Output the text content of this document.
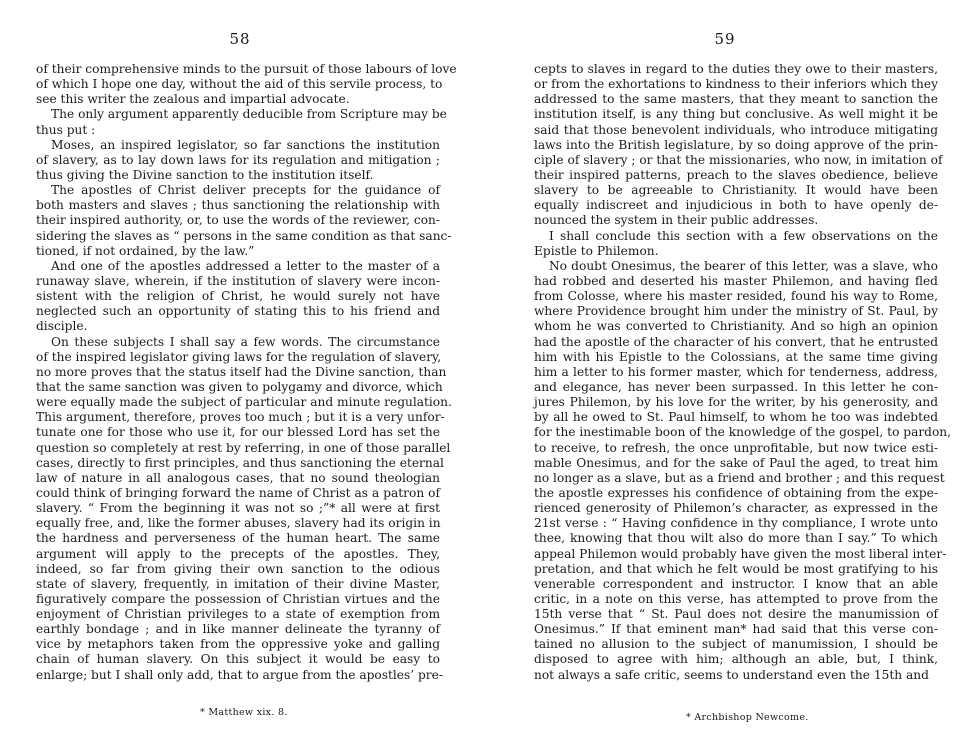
58
of their comprehensive minds to the pursuit of those labours of love
of which I hope one day, without the aid of this servile process, to
see this writer the zealous and impartial advocate.
The only argument apparently deducible from Scripture may be
thus put :
Moses, an inspired legislator, so far sanctions the institution
of slavery, as to lay down laws for its regulation and mitigation ;
thus giving the Divine sanction to the institution itself.
The apostles of Christ deliver precepts for the guidance of
both masters and slaves ; thus sanctioning the relationship with
their inspired authority, or, to use the words of the reviewer, con-
sidering the slaves as “ persons in the same condition as that sanc-
tioned, if not ordained, by the law.”
And one of the apostles addressed a letter to the master of a
runaway slave, wherein, if the institution of slavery were incon-
sistent with the religion of Christ, he would surely not have
neglected such an opportunity of stating this to his friend and
disciple.
On these subjects I shall say a few words. The circumstance
of the inspired legislator giving laws for the regulation of slavery,
no more proves that the status itself had the Divine sanction, than
that the same sanction was given to polygamy and divorce, which
were equally made the subject of particular and minute regulation.
This argument, therefore, proves too much ; but it is a very unfor-
tunate one for those who use it, for our blessed Lord has set the
question so completely at rest by referring, in one of those parallel
cases, directly to first principles, and thus sanctioning the eternal
law of nature in all analogous cases, that no sound theologian
could think of bringing forward the name of Christ as a patron of
slavery. “ From the beginning it was not so ;”* all were at first
equally free, and, like the former abuses, slavery had its origin in
the hardness and perverseness of the human heart. The same
argument will apply to the precepts of the apostles. They,
indeed, so far from giving their own sanction to the odious
state of slavery, frequently, in imitation of their divine Master,
figuratively compare the possession of Christian virtues and the
enjoyment of Christian privileges to a state of exemption from
earthly bondage ; and in like manner delineate the tyranny of
vice by metaphors taken from the oppressive yoke and galling
chain of human slavery. On this subject it would be easy to
enlarge; but I shall only add, that to argue from the apostles’ pre-
* Matthew xix. 8.
59
cepts to slaves in regard to the duties they owe to their masters,
or from the exhortations to kindness to their inferiors which they
addressed to the same masters, that they meant to sanction the
institution itself, is any thing but conclusive. As well might it be
said that those benevolent individuals, who introduce mitigating
laws into the British legislature, by so doing approve of the prin-
ciple of slavery ; or that the missionaries, who now, in imitation of
their inspired patterns, preach to the slaves obedience, believe
slavery to be agreeable to Christianity. It would have been
equally indiscreet and injudicious in both to have openly de-
nounced the system in their public addresses.
I shall conclude this section with a few observations on the
Epistle to Philemon.
No doubt Onesimus, the bearer of this letter, was a slave, who
had robbed and deserted his master Philemon, and having fled
from Colosse, where his master resided, found his way to Rome,
where Providence brought him under the ministry of St. Paul, by
whom he was converted to Christianity. And so high an opinion
had the apostle of the character of his convert, that he entrusted
him with his Epistle to the Colossians, at the same time giving
him a letter to his former master, which for tenderness, address,
and elegance, has never been surpassed. In this letter he con-
jures Philemon, by his love for the writer, by his generosity, and
by all he owed to St. Paul himself, to whom he too was indebted
for the inestimable boon of the knowledge of the gospel, to pardon,
to receive, to refresh, the once unprofitable, but now twice esti-
mable Onesimus, and for the sake of Paul the aged, to treat him
no longer as a slave, but as a friend and brother ; and this request
the apostle expresses his confidence of obtaining from the expe-
rienced generosity of Philemon’s character, as expressed in the
21st verse : “ Having confidence in thy compliance, I wrote unto
thee, knowing that thou wilt also do more than I say.” To which
appeal Philemon would probably have given the most liberal inter-
pretation, and that which he felt would be most gratifying to his
venerable correspondent and instructor. I know that an able
critic, in a note on this verse, has attempted to prove from the
15th verse that “ St. Paul does not desire the manumission of
Onesimus.” If that eminent man* had said that this verse con-
tained no allusion to the subject of manumission, I should be
disposed to agree with him; although an able, but, I think,
not always a safe critic, seems to understand even the 15th and
* Archbishop Newcome.
